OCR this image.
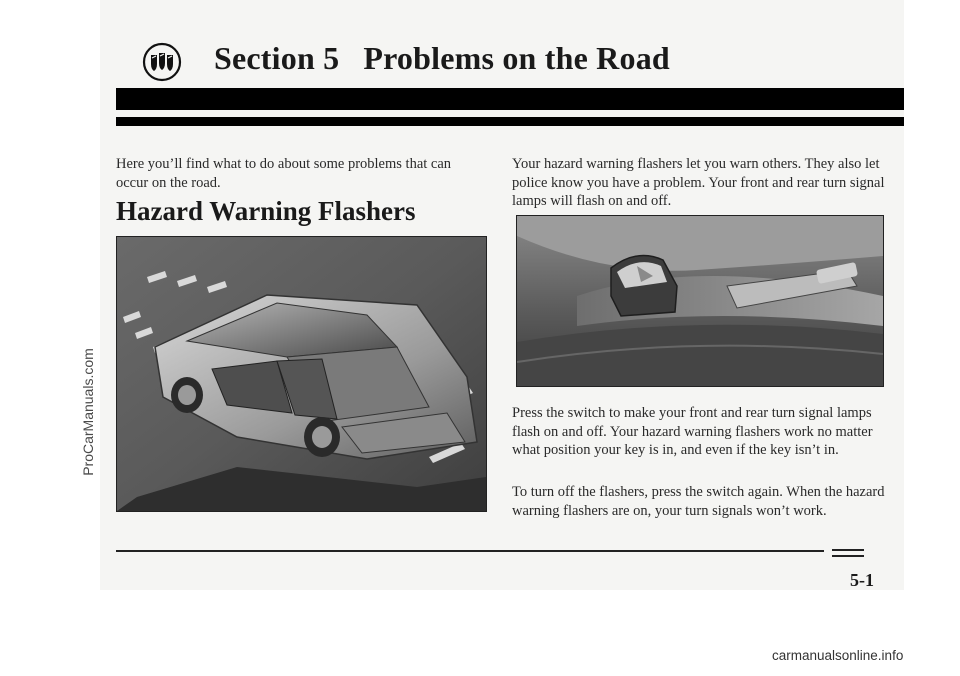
Section 5 Problems on the Road
Here you’ll find what to do about some problems that can occur on the road.
Hazard Warning Flashers
Your hazard warning flashers let you warn others. They also let police know you have a problem. Your front and rear turn signal lamps will flash on and off.
Press the switch to make your front and rear turn signal lamps flash on and off. Your hazard warning flashers work no matter what position your key is in, and even if the key isn’t in.
To turn off the flashers, press the switch again. When the hazard warning flashers are on, your turn signals won’t work.
5-1
ProCarManuals.com
carmanualsonline.info
